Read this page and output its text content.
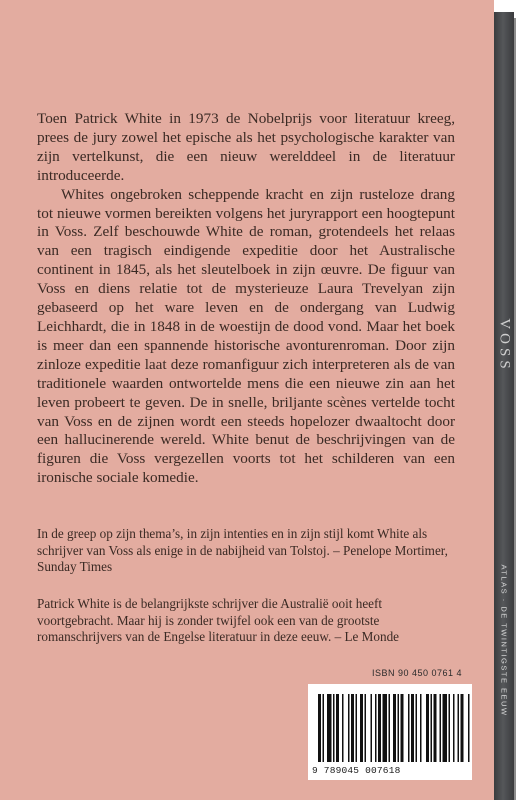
VOSS
ATLAS · DE TWINTIGSTE EEUW

Toen Patrick White in 1973 de Nobelprijs voor literatuur kreeg, prees de jury zowel het epische als het psychologische karakter van zijn vertelkunst, die een nieuw werelddeel in de literatuur introduceerde.

Whites ongebroken scheppende kracht en zijn rusteloze drang tot nieuwe vormen bereikten volgens het juryrapport een hoogtepunt in Voss. Zelf beschouwde White de roman, grotendeels het relaas van een tragisch eindigende expeditie door het Australische continent in 1845, als het sleutelboek in zijn œuvre. De figuur van Voss en diens relatie tot de mysterieuze Laura Trevelyan zijn gebaseerd op het ware leven en de ondergang van Ludwig Leichhardt, die in 1848 in de woestijn de dood vond. Maar het boek is meer dan een spannende historische avonturenroman. Door zijn zinloze expeditie laat deze romanfiguur zich interpreteren als de van traditionele waarden ontwortelde mens die een nieuwe zin aan het leven probeert te geven. De in snelle, briljante scènes vertelde tocht van Voss en de zijnen wordt een steeds hopelozer dwaaltocht door een hallucinerende wereld. White benut de beschrijvingen van de figuren die Voss vergezellen voorts tot het schilderen van een ironische sociale komedie.

In de greep op zijn thema’s, in zijn intenties en in zijn stijl komt White als schrijver van Voss als enige in de nabijheid van Tolstoj. – Penelope Mortimer, Sunday Times

Patrick White is de belangrijkste schrijver die Australië ooit heeft voortgebracht. Maar hij is zonder twijfel ook een van de grootste romanschrijvers van de Engelse literatuur in deze eeuw. – Le Monde

ISBN 90 450 0761 4
9 789045 007618
